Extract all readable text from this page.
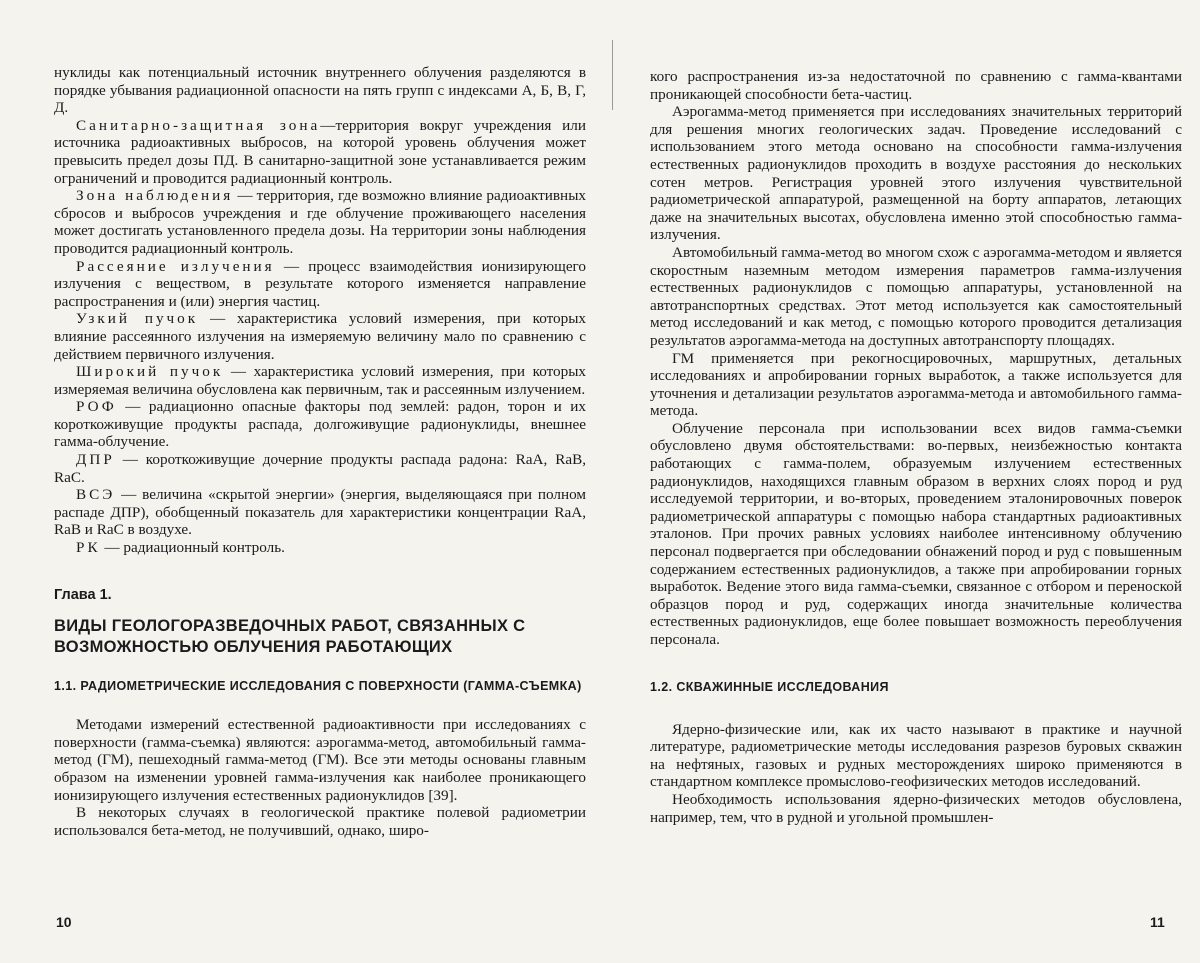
нуклиды как потенциальный источник внутреннего облучения разделяются в порядке убывания радиационной опасности на пять групп с индексами А, Б, В, Г, Д.

Санитарно-защитная зона—территория вокруг учреждения или источника радиоактивных выбросов, на которой уровень облучения может превысить предел дозы ПД. В санитарно-защитной зоне устанавливается режим ограничений и проводится радиационный контроль.

Зона наблюдения — территория, где возможно влияние радиоактивных сбросов и выбросов учреждения и где облучение проживающего населения может достигать установленного предела дозы. На территории зоны наблюдения проводится радиационный контроль.

Рассеяние излучения — процесс взаимодействия ионизирующего излучения с веществом, в результате которого изменяется направление распространения и (или) энергия частиц.

Узкий пучок — характеристика условий измерения, при которых влияние рассеянного излучения на измеряемую величину мало по сравнению с действием первичного излучения.

Широкий пучок — характеристика условий измерения, при которых измеряемая величина обусловлена как первичным, так и рассеянным излучением.

РОФ — радиационно опасные факторы под землей: радон, торон и их короткоживущие продукты распада, долгоживущие радионуклиды, внешнее гамма-облучение.

ДПР — короткоживущие дочерние продукты распада радона: RaA, RaB, RaC.

ВСЭ — величина «скрытой энергии» (энергия, выделяющаяся при полном распаде ДПР), обобщенный показатель для характеристики концентрации RaA, RaB и RaC в воздухе.

РК — радиационный контроль.

Глава 1.
ВИДЫ ГЕОЛОГОРАЗВЕДОЧНЫХ РАБОТ, СВЯЗАННЫХ С ВОЗМОЖНОСТЬЮ ОБЛУЧЕНИЯ РАБОТАЮЩИХ
1.1. РАДИОМЕТРИЧЕСКИЕ ИССЛЕДОВАНИЯ С ПОВЕРХНОСТИ (ГАММА-СЪЕМКА)

Методами измерений естественной радиоактивности при исследованиях с поверхности (гамма-съемка) являются: аэрогамма-метод, автомобильный гамма-метод (ГМ), пешеходный гамма-метод (ГМ). Все эти методы основаны главным образом на изменении уровней гамма-излучения как наиболее проникающего ионизирующего излучения естественных радионуклидов [39].

В некоторых случаях в геологической практике полевой радиометрии использовался бета-метод, не получивший, однако, широ-

10

кого распространения из-за недостаточной по сравнению с гамма-квантами проникающей способности бета-частиц.

Аэрогамма-метод применяется при исследованиях значительных территорий для решения многих геологических задач. Проведение исследований с использованием этого метода основано на способности гамма-излучения естественных радионуклидов проходить в воздухе расстояния до нескольких сотен метров. Регистрация уровней этого излучения чувствительной радиометрической аппаратурой, размещенной на борту аппаратов, летающих даже на значительных высотах, обусловлена именно этой способностью гамма-излучения.

Автомобильный гамма-метод во многом схож с аэрогамма-методом и является скоростным наземным методом измерения параметров гамма-излучения естественных радионуклидов с помощью аппаратуры, установленной на автотранспортных средствах. Этот метод используется как самостоятельный метод исследований и как метод, с помощью которого проводится детализация результатов аэрогамма-метода на доступных автотранспорту площадях.

ГМ применяется при рекогносцировочных, маршрутных, детальных исследованиях и апробировании горных выработок, а также используется для уточнения и детализации результатов аэрогамма-метода и автомобильного гамма-метода.

Облучение персонала при использовании всех видов гамма-съемки обусловлено двумя обстоятельствами: во-первых, неизбежностью контакта работающих с гамма-полем, образуемым излучением естественных радионуклидов, находящихся главным образом в верхних слоях пород и руд исследуемой территории, и во-вторых, проведением эталонировочных поверок радиометрической аппаратуры с помощью набора стандартных радиоактивных эталонов. При прочих равных условиях наиболее интенсивному облучению персонал подвергается при обследовании обнажений пород и руд с повышенным содержанием естественных радионуклидов, а также при апробировании горных выработок. Ведение этого вида гамма-съемки, связанное с отбором и переноской образцов пород и руд, содержащих иногда значительные количества естественных радионуклидов, еще более повышает возможность переоблучения персонала.

1.2. СКВАЖИННЫЕ ИССЛЕДОВАНИЯ

Ядерно-физические или, как их часто называют в практике и научной литературе, радиометрические методы исследования разрезов буровых скважин на нефтяных, газовых и рудных месторождениях широко применяются в стандартном комплексе промыслово-геофизических методов исследований.

Необходимость использования ядерно-физических методов обусловлена, например, тем, что в рудной и угольной промышлен-

11
